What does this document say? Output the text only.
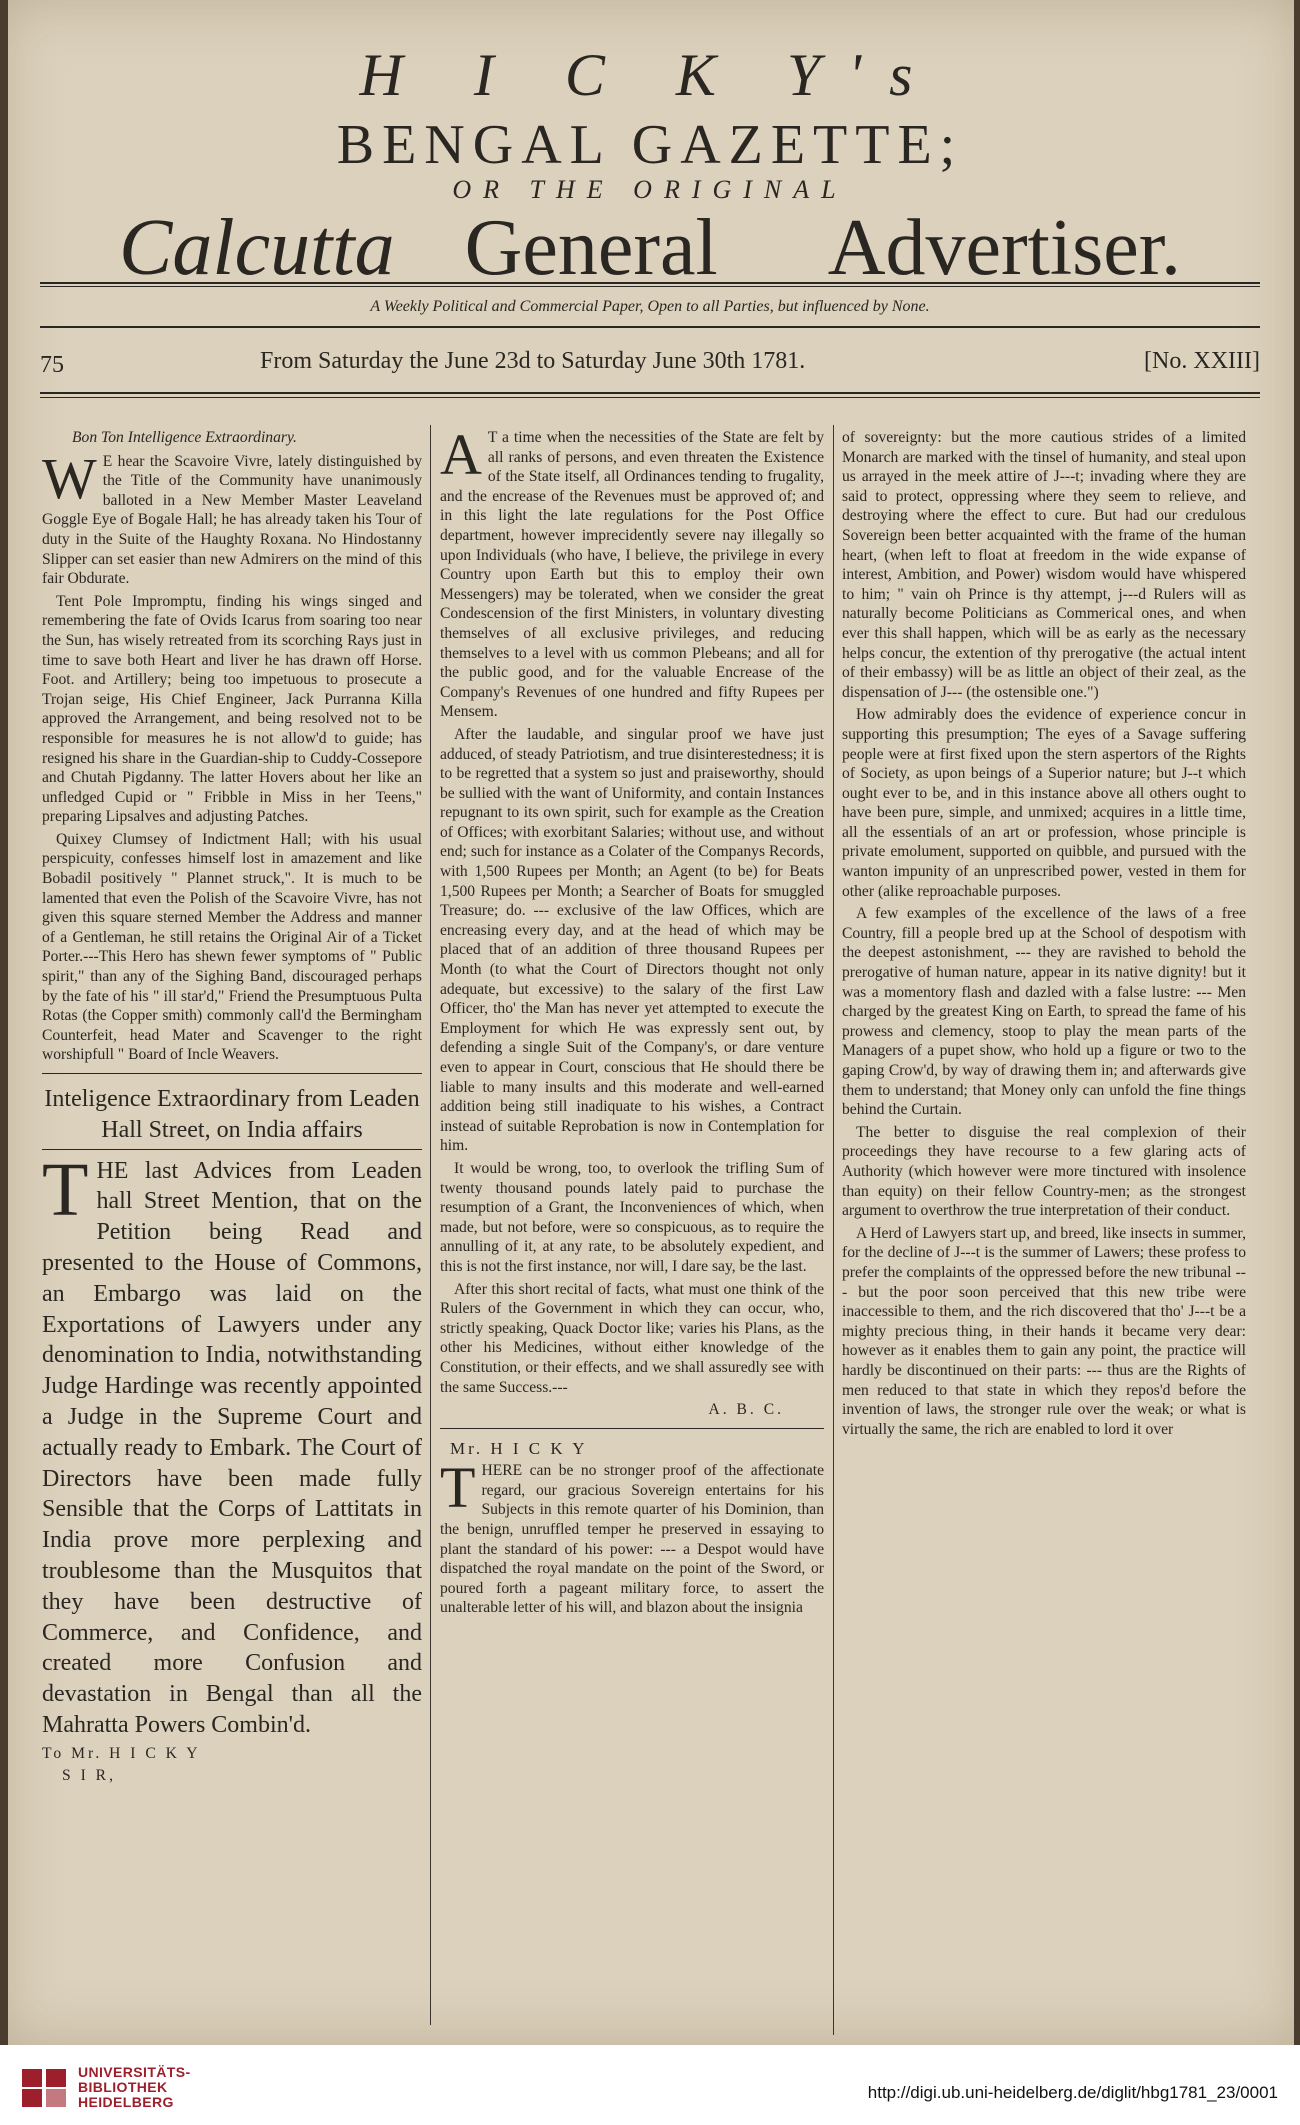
H I C K Y's
BENGAL GAZETTE;
OR THE ORIGINAL
Calcutta General Advertiser.
A Weekly Political and Commercial Paper, Open to all Parties, but influenced by None.
75	From Saturday the June 23d to Saturday June 30th 1781.	[No. XXIII]

Bon Ton Intelligence Extraordinary.

W E hear the Scavoire Vivre, lately distinguished by the Title of the Community have unanimously balloted in a New Member Master Leaveland Goggle Eye of Bogale Hall; he has already taken his Tour of duty in the Suite of the Haughty Roxana. No Hindostanny Slipper can set easier than new Admirers on the mind of this fair Obdurate.

Tent Pole Impromptu, finding his wings singed and remembering the fate of Ovids Icarus from soaring too near the Sun, has wisely retreated from its scorching Rays just in time to save both Heart and liver he has drawn off Horse. Foot. and Artillery; being too impetuous to prosecute a Trojan seige, His Chief Engineer, Jack Purranna Killa approved the Arrangement, and being resolved not to be responsible for measures he is not allow'd to guide; has resigned his share in the Guardian-ship to Cuddy-Cossepore and Chutah Pigdanny. The latter Hovers about her like an unfledged Cupid or " Fribble in Miss in her Teens," preparing Lipsalves and adjusting Patches.

Quixey Clumsey of Indictment Hall; with his usual perspicuity, confesses himself lost in amazement and like Bobadil positively " Plannet struck,". It is much to be lamented that even the Polish of the Scavoire Vivre, has not given this square sterned Member the Address and manner of a Gentleman, he still retains the Original Air of a Ticket Porter.---This Hero has shewn fewer symptoms of " Public spirit," than any of the Sighing Band, discouraged perhaps by the fate of his " ill star'd," Friend the Presumptuous Pulta Rotas (the Copper smith) commonly call'd the Bermingham Counterfeit, head Mater and Scavenger to the right worshipfull " Board of Incle Weavers.

Inteligence Extraordinary from Leaden Hall Street, on India affairs

THE last Advices from Leaden hall Street Mention, that on the Petition being Read and presented to the House of Commons, an Embargo was laid on the Exportations of Lawyers under any denomination to India, notwithstanding Judge Hardinge was recently appointed a Judge in the Supreme Court and actually ready to Embark. The Court of Directors have been made fully Sensible that the Corps of Lattitats in India prove more perplexing and troublesome than the Musquitos that they have been destructive of Commerce, and Confidence, and created more Confusion and devastation in Bengal than all the Mahratta Powers Combin'd.

To Mr. H I C K Y

S I R,

A T a time when the necessities of the State are felt by all ranks of persons, and even threaten the Existence of the State itself, all Ordinances tending to frugality, and the encrease of the Revenues must be approved of; and in this light the late regulations for the Post Office department, however imprecidently severe nay illegally so upon Individuals (who have, I believe, the privilege in every Country upon Earth but this to employ their own Messengers) may be tolerated, when we consider the great Condescension of the first Ministers, in voluntary divesting themselves of all exclusive privileges, and reducing themselves to a level with us common Plebeans; and all for the public good, and for the valuable Encrease of the Company's Revenues of one hundred and fifty Rupees per Mensem.

After the laudable, and singular proof we have just adduced, of steady Patriotism, and true disinterestedness; it is to be regretted that a system so just and praiseworthy, should be sullied with the want of Uniformity, and contain Instances repugnant to its own spirit, such for example as the Creation of Offices; with exorbitant Salaries; without use, and without end; such for instance as a Colater of the Companys Records, with 1,500 Rupees per Month; an Agent (to be) for Beats 1,500 Rupees per Month; a Searcher of Boats for smuggled Treasure; do. --- exclusive of the law Offices, which are encreasing every day, and at the head of which may be placed that of an addition of three thousand Rupees per Month (to what the Court of Directors thought not only adequate, but excessive) to the salary of the first Law Officer, tho' the Man has never yet attempted to execute the Employment for which He was expressly sent out, by defending a single Suit of the Company's, or dare venture even to appear in Court, conscious that He should there be liable to many insults and this moderate and well-earned addition being still inadiquate to his wishes, a Contract instead of suitable Reprobation is now in Contemplation for him.

It would be wrong, too, to overlook the trifling Sum of twenty thousand pounds lately paid to purchase the resumption of a Grant, the Inconveniences of which, when made, but not before, were so conspicuous, as to require the annulling of it, at any rate, to be absolutely expedient, and this is not the first instance, nor will, I dare say, be the last.

After this short recital of facts, what must one think of the Rulers of the Government in which they can occur, who, strictly speaking, Quack Doctor like; varies his Plans, as the other his Medicines, without either knowledge of the Constitution, or their effects, and we shall assuredly see with the same Success.---

A. B. C.

Mr. H I C K Y

THERE can be no stronger proof of the affectionate regard, our gracious Sovereign entertains for his Subjects in this remote quarter of his Dominion, than the benign, unruffled temper he preserved in essaying to plant the standard of his power: --- a Despot would have dispatched the royal mandate on the point of the Sword, or poured forth a pageant military force, to assert the unalterable letter of his will, and blazon about the insignia

of sovereignty: but the more cautious strides of a limited Monarch are marked with the tinsel of humanity, and steal upon us arrayed in the meek attire of J---t; invading where they are said to protect, oppressing where they seem to relieve, and destroying where the effect to cure. But had our credulous Sovereign been better acquainted with the frame of the human heart, (when left to float at freedom in the wide expanse of interest, Ambition, and Power) wisdom would have whispered to him; " vain oh Prince is thy attempt, j---d Rulers will as naturally become Politicians as Commerical ones, and when ever this shall happen, which will be as early as the necessary helps concur, the extention of thy prerogative (the actual intent of their embassy) will be as little an object of their zeal, as the dispensation of J--- (the ostensible one.")

How admirably does the evidence of experience concur in supporting this presumption; The eyes of a Savage suffering people were at first fixed upon the stern aspertors of the Rights of Society, as upon beings of a Superior nature; but J--t which ought ever to be, and in this instance above all others ought to have been pure, simple, and unmixed; acquires in a little time, all the essentials of an art or profession, whose principle is private emolument, supported on quibble, and pursued with the wanton impunity of an unprescribed power, vested in them for other (alike reproachable purposes.

A few examples of the excellence of the laws of a free Country, fill a people bred up at the School of despotism with the deepest astonishment, --- they are ravished to behold the prerogative of human nature, appear in its native dignity! but it was a momentory flash and dazled with a false lustre: --- Men charged by the greatest King on Earth, to spread the fame of his prowess and clemency, stoop to play the mean parts of the Managers of a pupet show, who hold up a figure or two to the gaping Crow'd, by way of drawing them in; and afterwards give them to understand; that Money only can unfold the fine things behind the Curtain.

The better to disguise the real complexion of their proceedings they have recourse to a few glaring acts of Authority (which however were more tinctured with insolence than equity) on their fellow Country-men; as the strongest argument to overthrow the true interpretation of their conduct.

A Herd of Lawyers start up, and breed, like insects in summer, for the decline of J---t is the summer of Lawers; these profess to prefer the complaints of the oppressed before the new tribunal --- but the poor soon perceived that this new tribe were inaccessible to them, and the rich discovered that tho' J---t be a mighty precious thing, in their hands it became very dear: however as it enables them to gain any point, the practice will hardly be discontinued on their parts: --- thus are the Rights of men reduced to that state in which they repos'd before the invention of laws, the stronger rule over the weak; or what is virtually the same, the rich are enabled to lord it over

UNIVERSITÄTS-
BIBLIOTHEK
HEIDELBERG	http://digi.ub.uni-heidelberg.de/diglit/hbg1781_23/0001
